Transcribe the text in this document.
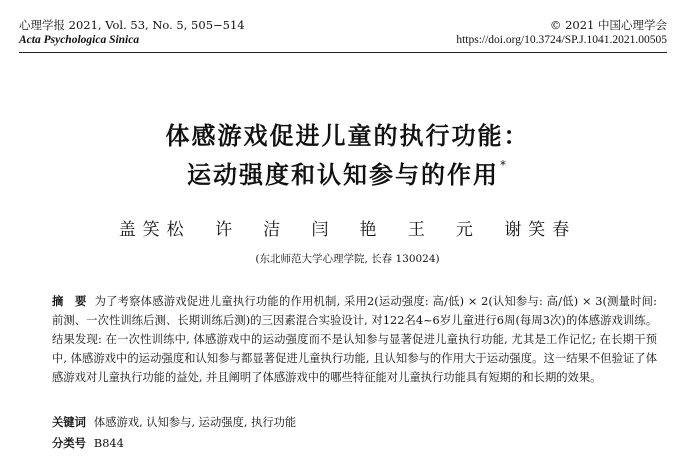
心理学报 2021, Vol. 53, No. 5, 505−514
Acta Psychologica Sinica
© 2021 中国心理学会
https://doi.org/10.3724/SP.J.1041.2021.00505
体感游戏促进儿童的执行功能：
运动强度和认知参与的作用*
盖笑松 许　洁 闫　艳 王　元 谢笑春
(东北师范大学心理学院, 长春 130024)

摘　要 为了考察体感游戏促进儿童执行功能的作用机制, 采用2(运动强度: 高/低) × 2(认知参与: 高/低) × 3(测量时间: 前测、一次性训练后测、长期训练后测)的三因素混合实验设计, 对122名4~6岁儿童进行6周(每周3次)的体感游戏训练。结果发现: 在一次性训练中, 体感游戏中的运动强度而不是认知参与显著促进儿童执行功能, 尤其是工作记忆; 在长期干预中, 体感游戏中的运动强度和认知参与都显著促进儿童执行功能, 且认知参与的作用大于运动强度。这一结果不但验证了体感游戏对儿童执行功能的益处, 并且阐明了体感游戏中的哪些特征能对儿童执行功能具有短期的和长期的效果。

关键词 体感游戏, 认知参与, 运动强度, 执行功能
分类号 B844
